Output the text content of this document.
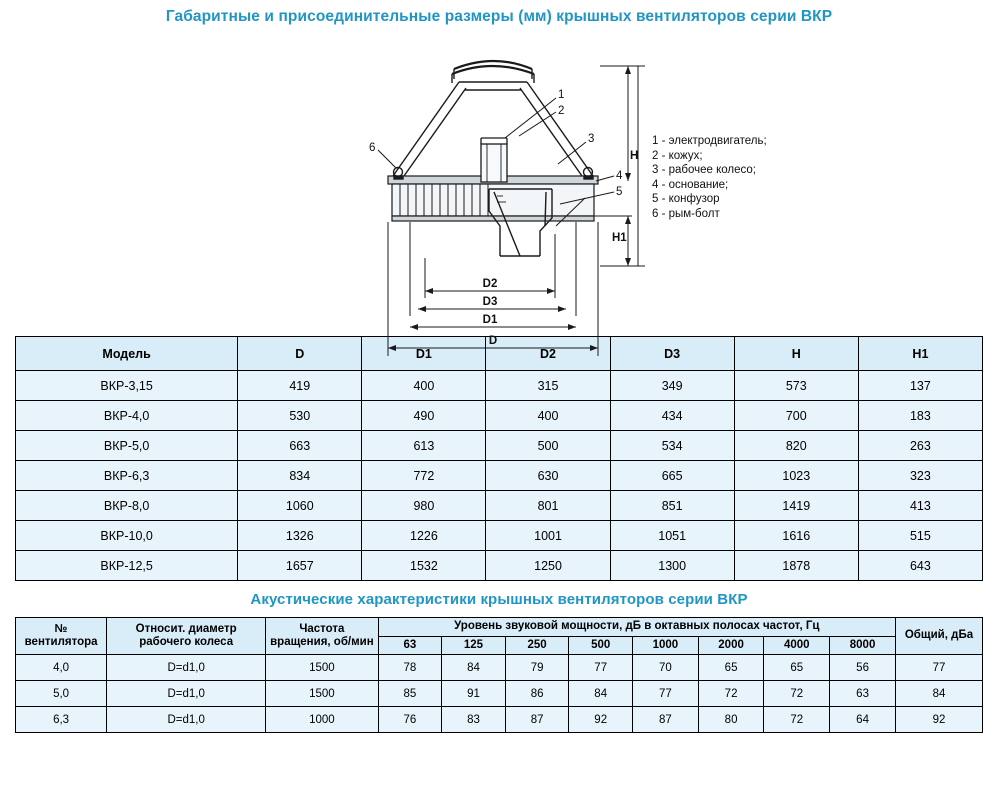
Габаритные и присоединительные размеры (мм) крышных вентиляторов серии ВКР
1
2
3
4
5
6
H
H1
D2
D3
D1
D
1 - электродвигатель;
2 - кожух;
3 - рабочее колесо;
4 - основание;
5 - конфузор
6 - рым-болт
Модель	D	D1	D2	D3	H	H1
ВКР-3,15	419	400	315	349	573	137
ВКР-4,0	530	490	400	434	700	183
ВКР-5,0	663	613	500	534	820	263
ВКР-6,3	834	772	630	665	1023	323
ВКР-8,0	1060	980	801	851	1419	413
ВКР-10,0	1326	1226	1001	1051	1616	515
ВКР-12,5	1657	1532	1250	1300	1878	643
Акустические характеристики крышных вентиляторов серии ВКР
№ вентилятора	Относит. диаметр рабочего колеса	Частота вращения, об/мин	Уровень звуковой мощности, дБ в октавных полосах частот, Гц								Общий, дБа
			63	125	250	500	1000	2000	4000	8000	
4,0	D=d1,0	1500	78	84	79	77	70	65	65	56	77
5,0	D=d1,0	1500	85	91	86	84	77	72	72	63	84
6,3	D=d1,0	1000	76	83	87	92	87	80	72	64	92
